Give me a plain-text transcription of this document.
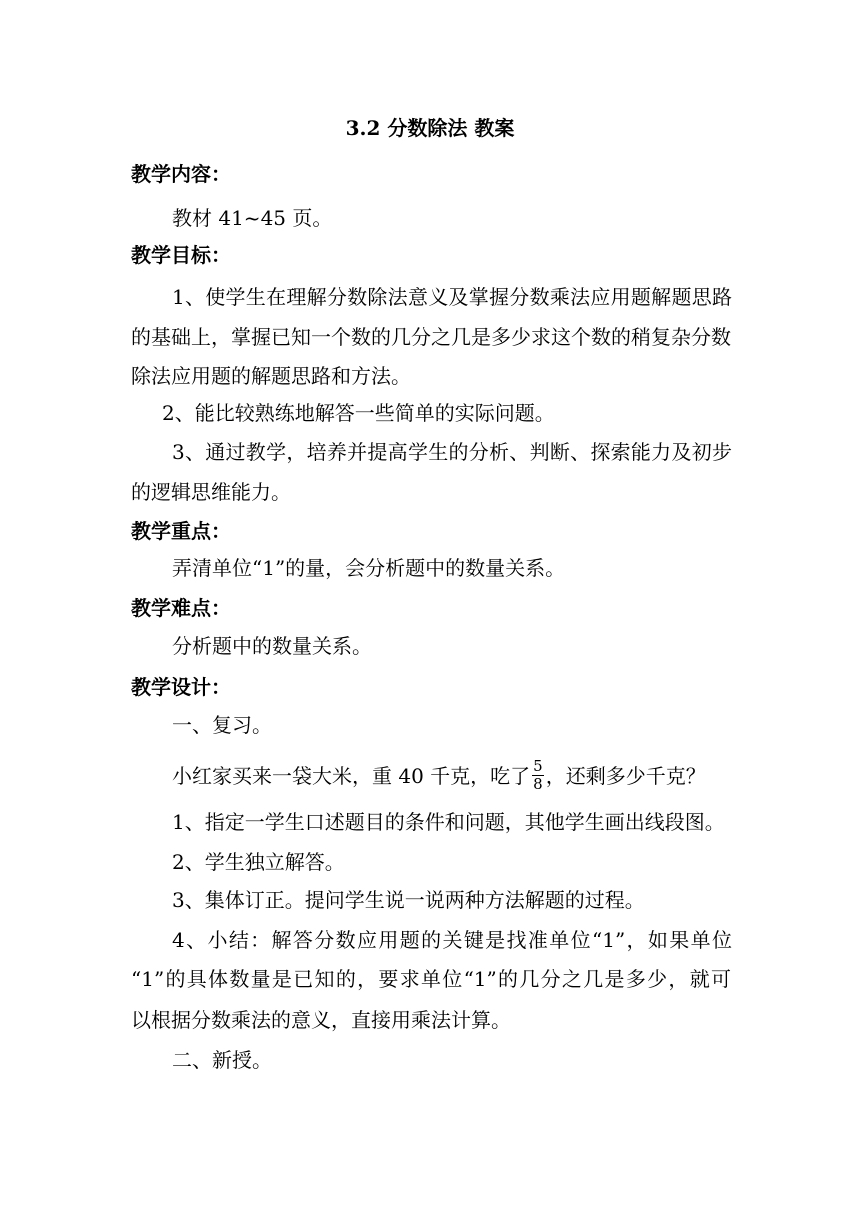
3.2 分数除法 教案
教学内容：
教材 41~45 页。
教学目标：
1、使学生在理解分数除法意义及掌握分数乘法应用题解题思路
的基础上，掌握已知一个数的几分之几是多少求这个数的稍复杂分数
除法应用题的解题思路和方法。
2、能比较熟练地解答一些简单的实际问题。
3、通过教学，培养并提高学生的分析、判断、探索能力及初步
的逻辑思维能力。
教学重点：
弄清单位“1”的量，会分析题中的数量关系。
教学难点：
分析题中的数量关系。
教学设计：
一、复习。
小红家买来一袋大米，重 40 千克，吃了 $\frac{5}{8}$ ，还剩多少千克？
1、指定一学生口述题目的条件和问题，其他学生画出线段图。
2、学生独立解答。
3、集体订正。提问学生说一说两种方法解题的过程。
4、小结：解答分数应用题的关键是找准单位“1”，如果单位
“1”的具体数量是已知的，要求单位“1”的几分之几是多少，就可
以根据分数乘法的意义，直接用乘法计算。
二、新授。
